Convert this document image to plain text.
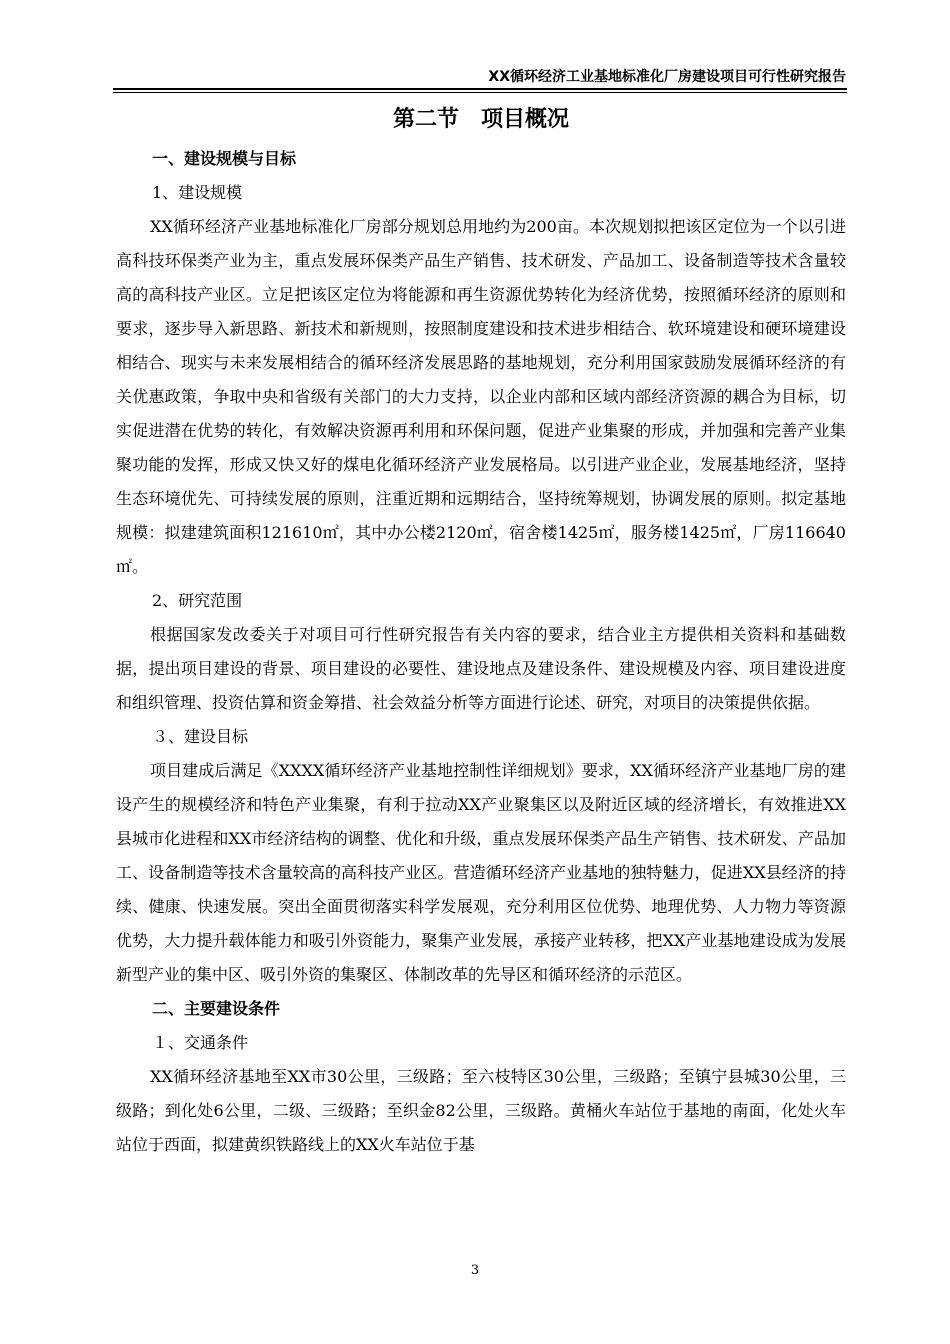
XX循环经济工业基地标准化厂房建设项目可行性研究报告
第二节　项目概况
一、建设规模与目标
1、建设规模

XX循环经济产业基地标准化厂房部分规划总用地约为200亩。本次规划拟把该区定位为一个以引进高科技环保类产业为主，重点发展环保类产品生产销售、技术研发、产品加工、设备制造等技术含量较高的高科技产业区。立足把该区定位为将能源和再生资源优势转化为经济优势，按照循环经济的原则和要求，逐步导入新思路、新技术和新规则，按照制度建设和技术进步相结合、软环境建设和硬环境建设相结合、现实与未来发展相结合的循环经济发展思路的基地规划，充分利用国家鼓励发展循环经济的有关优惠政策，争取中央和省级有关部门的大力支持，以企业内部和区域内部经济资源的耦合为目标，切实促进潜在优势的转化，有效解决资源再利用和环保问题，促进产业集聚的形成，并加强和完善产业集聚功能的发挥，形成又快又好的煤电化循环经济产业发展格局。以引进产业企业，发展基地经济，坚持生态环境优先、可持续发展的原则，注重近期和远期结合，坚持统筹规划，协调发展的原则。拟定基地规模：拟建建筑面积121610㎡，其中办公楼2120㎡，宿舍楼1425㎡，服务楼1425㎡，厂房116640㎡。

2、研究范围

根据国家发改委关于对项目可行性研究报告有关内容的要求，结合业主方提供相关资料和基础数据，提出项目建设的背景、项目建设的必要性、建设地点及建设条件、建设规模及内容、项目建设进度和组织管理、投资估算和资金筹措、社会效益分析等方面进行论述、研究，对项目的决策提供依据。

３、建设目标

项目建成后满足《XXXX循环经济产业基地控制性详细规划》要求，XX循环经济产业基地厂房的建设产生的规模经济和特色产业集聚，有利于拉动XX产业聚集区以及附近区域的经济增长，有效推进XX县城市化进程和XX市经济结构的调整、优化和升级，重点发展环保类产品生产销售、技术研发、产品加工、设备制造等技术含量较高的高科技产业区。营造循环经济产业基地的独特魅力，促进XX县经济的持续、健康、快速发展。突出全面贯彻落实科学发展观，充分利用区位优势、地理优势、人力物力等资源优势，大力提升载体能力和吸引外资能力，聚集产业发展，承接产业转移，把XX产业基地建设成为发展新型产业的集中区、吸引外资的集聚区、体制改革的先导区和循环经济的示范区。

二、主要建设条件
１、交通条件

XX循环经济基地至XX市30公里，三级路；至六枝特区30公里，三级路；至镇宁县城30公里，三级路；到化处6公里，二级、三级路；至织金82公里，三级路。黄桶火车站位于基地的南面，化处火车站位于西面，拟建黄织铁路线上的XX火车站位于基

3
